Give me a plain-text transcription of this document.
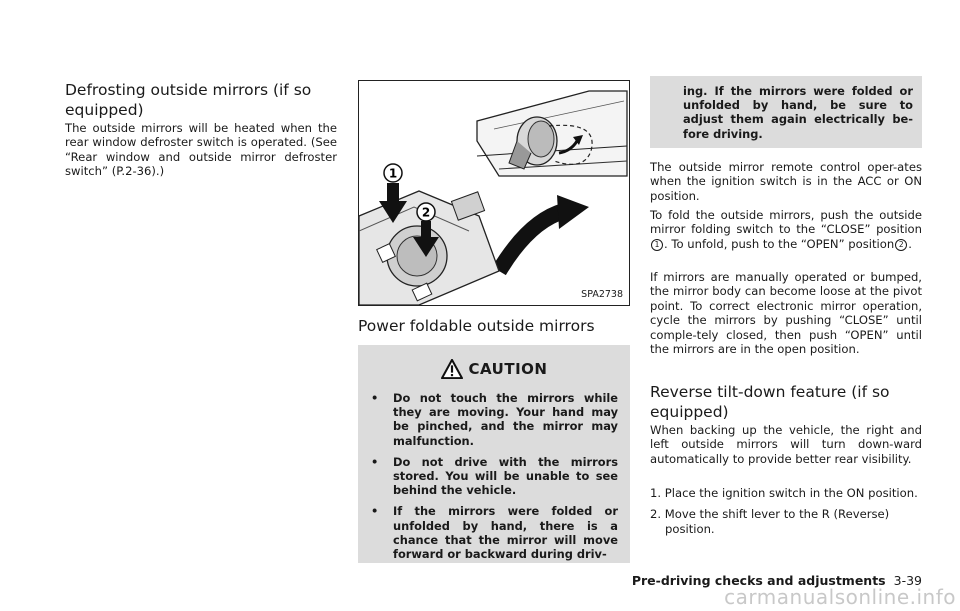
Defrosting outside mirrors (if so equipped)

The outside mirrors will be heated when the rear window defroster switch is operated. (See “Rear window and outside mirror defroster switch” (P.2-36).)	1
2
SPA2738
Power foldable outside mirrors
CAUTION
• Do not touch the mirrors while they are moving. Your hand may be pinched, and the mirror may malfunction.
• Do not drive with the mirrors stored. You will be unable to see behind the vehicle.
• If the mirrors were folded or unfolded by hand, there is a chance that the mirror will move forward or backward during driv-
ing. If the mirrors were folded or unfolded by hand, be sure to adjust them again electrically be-fore driving.

The outside mirror remote control oper-ates when the ignition switch is in the ACC or ON position.

To fold the outside mirrors, push the outside mirror folding switch to the “CLOSE” position1 . To unfold, push to the “OPEN” position 2 .

If mirrors are manually operated or bumped, the mirror body can become loose at the pivot point. To correct electronic mirror operation, cycle the mirrors by pushing “CLOSE” until comple-tely closed, then push “OPEN” until the mirrors are in the open position.

Reverse tilt-down feature (if so equipped)

When backing up the vehicle, the right and left outside mirrors will turn down-ward automatically to provide better rear visibility.

1. Place the ignition switch in the ON position.
2. Move the shift lever to the R (Reverse) position.
Pre-driving checks and adjustments 3-39
carmanualsonline.info
